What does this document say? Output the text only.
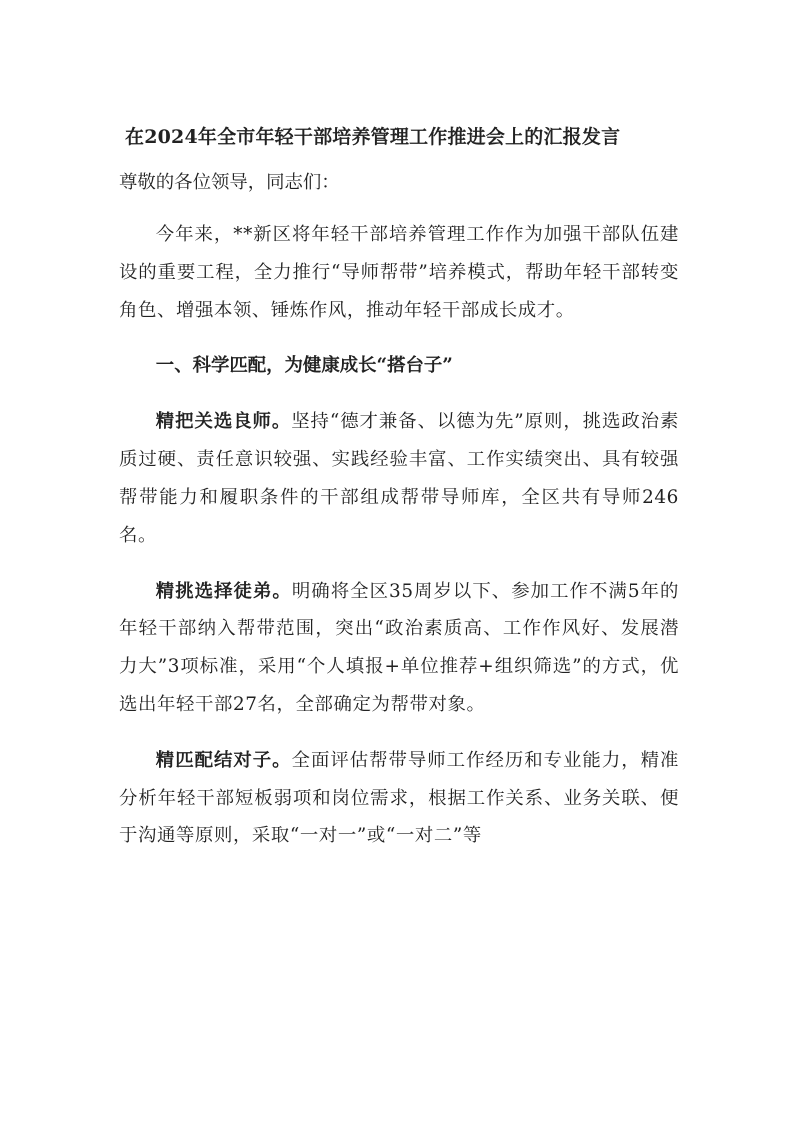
在2024年全市年轻干部培养管理工作推进会上的汇报发言
尊敬的各位领导，同志们：

今年来，**新区将年轻干部培养管理工作作为加强干部队伍建设的重要工程，全力推行“导师帮带”培养模式，帮助年轻干部转变角色、增强本领、锤炼作风，推动年轻干部成长成才。

一、科学匹配，为健康成长“搭台子”

精把关选良师。坚持“德才兼备、以德为先”原则，挑选政治素质过硬、责任意识较强、实践经验丰富、工作实绩突出、具有较强帮带能力和履职条件的干部组成帮带导师库，全区共有导师246名。

精挑选择徒弟。明确将全区35周岁以下、参加工作不满5年的年轻干部纳入帮带范围，突出“政治素质高、工作作风好、发展潜力大”3项标准，采用“个人填报+单位推荐+组织筛选”的方式，优选出年轻干部27名，全部确定为帮带对象。

精匹配结对子。全面评估帮带导师工作经历和专业能力，精准分析年轻干部短板弱项和岗位需求，根据工作关系、业务关联、便于沟通等原则，采取“一对一”或“一对二”等
